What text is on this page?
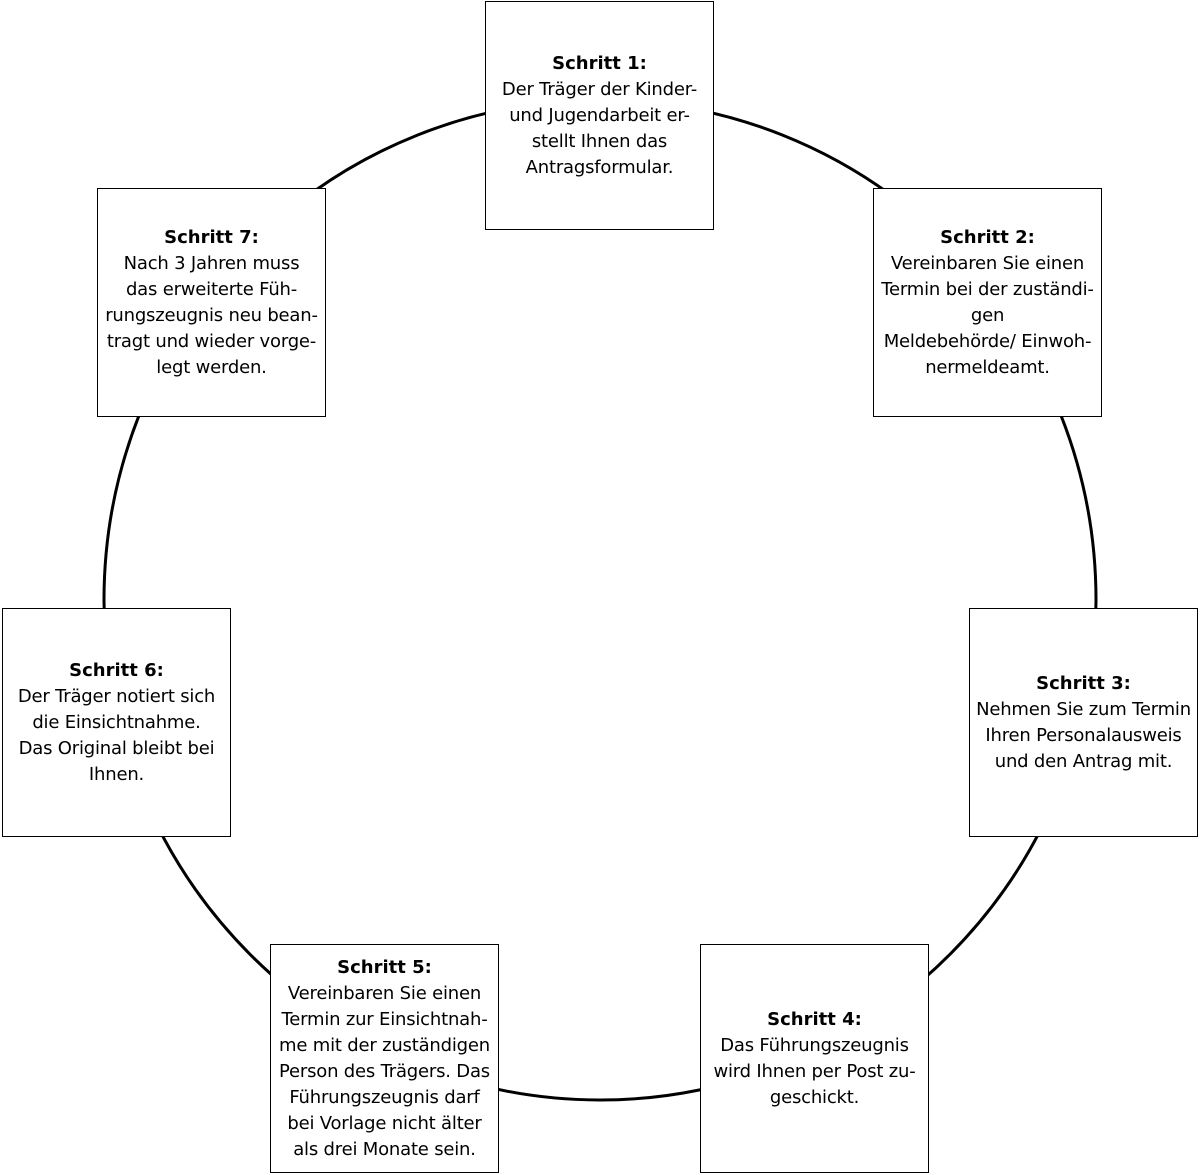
Schritt 1:
Der Träger der Kinder-
und Jugendarbeit er-
stellt Ihnen das
Antragsformular.
Schritt 2:
Vereinbaren Sie einen
Termin bei der zuständi-
gen
Meldebehörde/ Einwoh-
nermeldeamt.
Schritt 3:
Nehmen Sie zum Termin
Ihren Personalausweis
und den Antrag mit.
Schritt 4:
Das Führungszeugnis
wird Ihnen per Post zu-
geschickt.
Schritt 5:
Vereinbaren Sie einen
Termin zur Einsichtnah-
me mit der zuständigen
Person des Trägers. Das
Führungszeugnis darf
bei Vorlage nicht älter
als drei Monate sein.
Schritt 6:
Der Träger notiert sich
die Einsichtnahme.
Das Original bleibt bei
Ihnen.
Schritt 7:
Nach 3 Jahren muss
das erweiterte Füh-
rungszeugnis neu bean-
tragt und wieder vorge-
legt werden.
